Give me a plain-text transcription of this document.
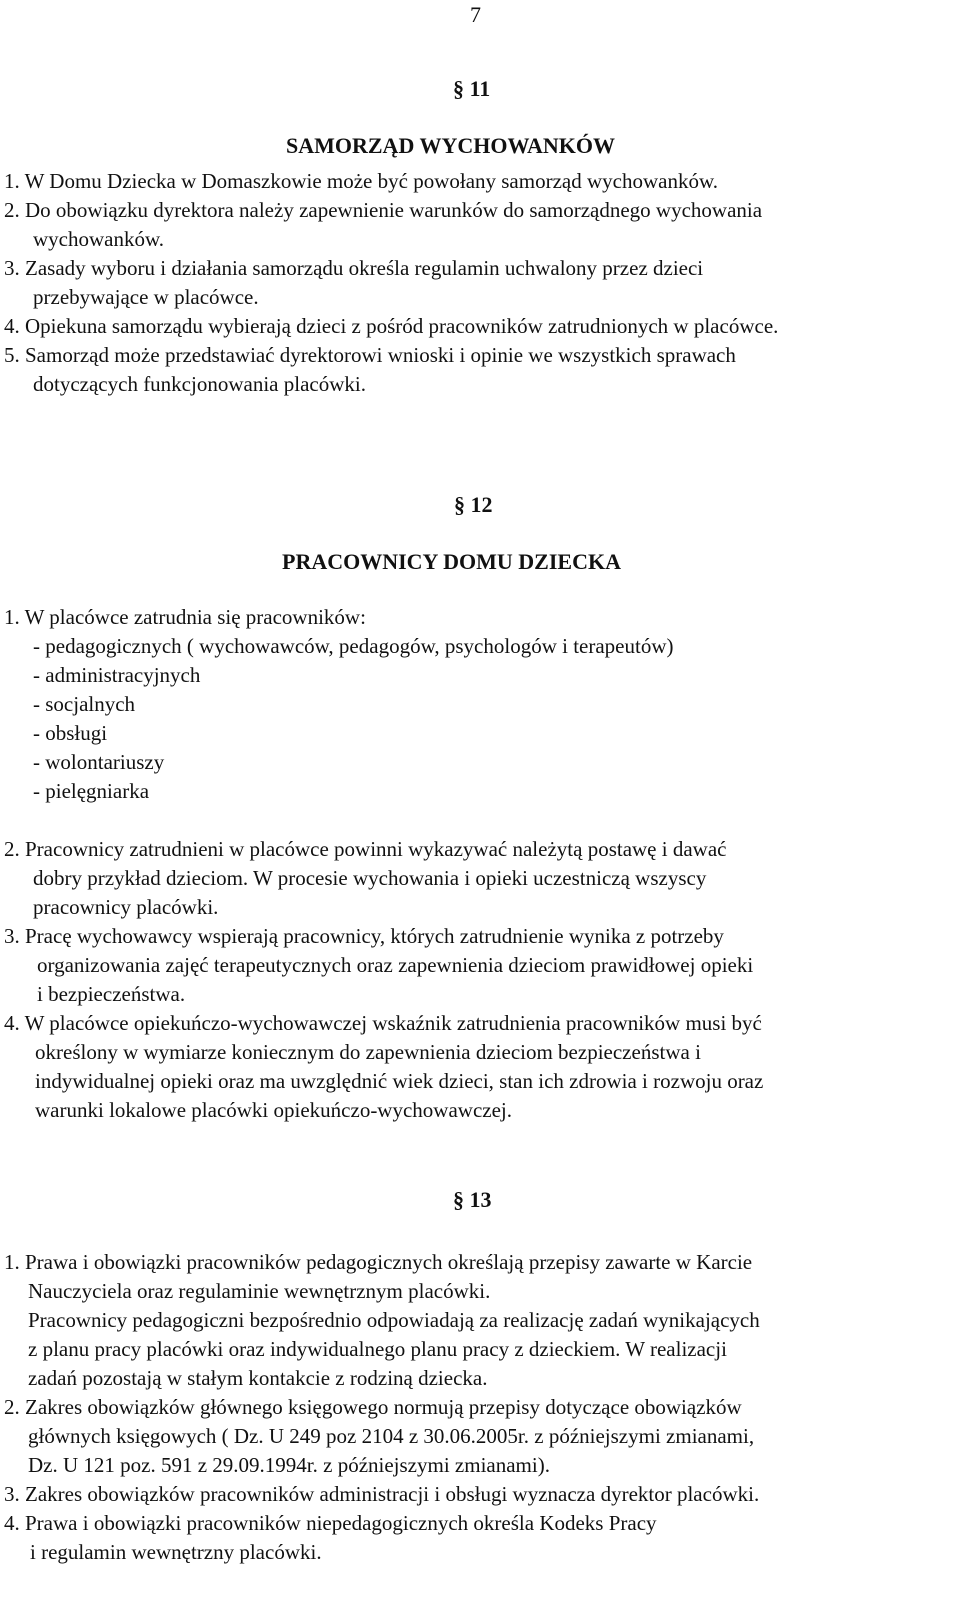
7
§ 11
SAMORZĄD WYCHOWANKÓW
1. W Domu Dziecka w Domaszkowie może być powołany samorząd wychowanków.
2. Do obowiązku dyrektora należy zapewnienie warunków do samorządnego wychowania
wychowanków.
3. Zasady wyboru i działania samorządu określa regulamin uchwalony przez dzieci
przebywające w placówce.
4. Opiekuna samorządu wybierają dzieci z pośród pracowników zatrudnionych w placówce.
5. Samorząd może przedstawiać dyrektorowi wnioski i opinie we wszystkich sprawach
dotyczących funkcjonowania placówki.
§ 12
PRACOWNICY DOMU DZIECKA
1. W placówce zatrudnia się pracowników:
- pedagogicznych ( wychowawców, pedagogów, psychologów i terapeutów)
- administracyjnych
- socjalnych
- obsługi
- wolontariuszy
- pielęgniarka
2. Pracownicy zatrudnieni w placówce powinni wykazywać należytą postawę i dawać
dobry przykład dzieciom. W procesie wychowania i opieki uczestniczą wszyscy
pracownicy placówki.
3. Pracę wychowawcy wspierają pracownicy, których zatrudnienie wynika z potrzeby
organizowania zajęć terapeutycznych oraz zapewnienia dzieciom prawidłowej opieki
i bezpieczeństwa.
4. W placówce opiekuńczo-wychowawczej wskaźnik zatrudnienia pracowników musi być
określony w wymiarze koniecznym do zapewnienia dzieciom bezpieczeństwa i
indywidualnej opieki oraz ma uwzględnić wiek dzieci, stan ich zdrowia i rozwoju oraz
warunki lokalowe placówki opiekuńczo-wychowawczej.
§ 13
1. Prawa i obowiązki pracowników pedagogicznych określają przepisy zawarte w Karcie
Nauczyciela oraz regulaminie wewnętrznym placówki.
Pracownicy pedagogiczni bezpośrednio odpowiadają za realizację zadań wynikających
z planu pracy placówki oraz indywidualnego planu pracy z dzieckiem. W realizacji
zadań pozostają w stałym kontakcie z rodziną dziecka.
2. Zakres obowiązków głównego księgowego normują przepisy dotyczące obowiązków
głównych księgowych ( Dz. U 249 poz 2104 z 30.06.2005r. z późniejszymi zmianami,
Dz. U 121 poz. 591 z 29.09.1994r. z późniejszymi zmianami).
3. Zakres obowiązków pracowników administracji i obsługi wyznacza dyrektor placówki.
4. Prawa i obowiązki pracowników niepedagogicznych określa Kodeks Pracy
i regulamin wewnętrzny placówki.
